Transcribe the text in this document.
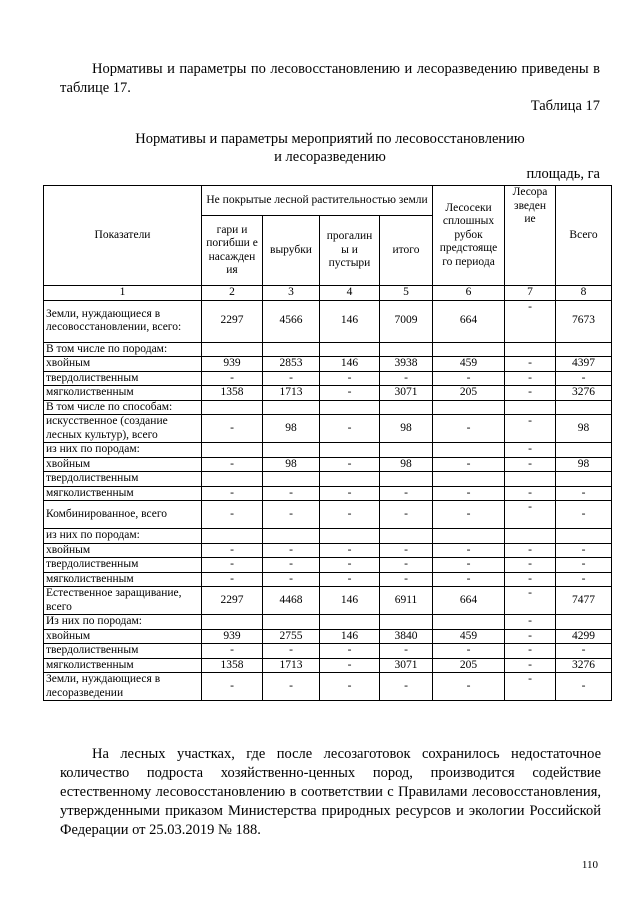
Нормативы и параметры по лесовосстановлению и лесоразведению приведены в таблице 17.
Таблица 17
Нормативы и параметры мероприятий по лесовосстановлению
и лесоразведению
площадь, га
Показатели	Не покрытые лесной растительностью земли				Лесосеки сплошных рубок предстояще го периода	Лесора зведен ие	Всего
	гари и погибши е насажден ия	вырубки	прогалин ы и пустыри	итого			
1	2	3	4	5	6	7	8
Земли, нуждающиеся в лесовосстановлении, всего:	2297	4566	146	7009	664	-	7673
В том числе по породам:							
хвойным	939	2853	146	3938	459	-	4397
твердолиственным	-	-	-	-	-	-	-
мягколиственным	1358	1713	-	3071	205	-	3276
В том числе по способам:							
искусственное (создание лесных культур), всего	-	98	-	98	-	-	98
из них по породам:						-	
хвойным	-	98	-	98	-	-	98
твердолиственным							
мягколиственным	-	-	-	-	-	-	-
Комбинированное, всего	-	-	-	-	-	-	-
из них по породам:							
хвойным	-	-	-	-	-	-	-
твердолиственным	-	-	-	-	-	-	-
мягколиственным	-	-	-	-	-	-	-
Естественное заращивание, всего	2297	4468	146	6911	664	-	7477
Из них по породам:						-	
хвойным	939	2755	146	3840	459	-	4299
твердолиственным	-	-	-	-	-	-	-
мягколиственным	1358	1713	-	3071	205	-	3276
Земли, нуждающиеся в лесоразведении	-	-	-	-	-	-	-
На лесных участках, где после лесозаготовок сохранилось недостаточное количество подроста хозяйственно-ценных пород, производится содействие естественному лесовосстановлению в соответствии с Правилами лесовосстановления, утвержденными приказом Министерства природных ресурсов и экологии Российской Федерации от 25.03.2019 № 188.
110
